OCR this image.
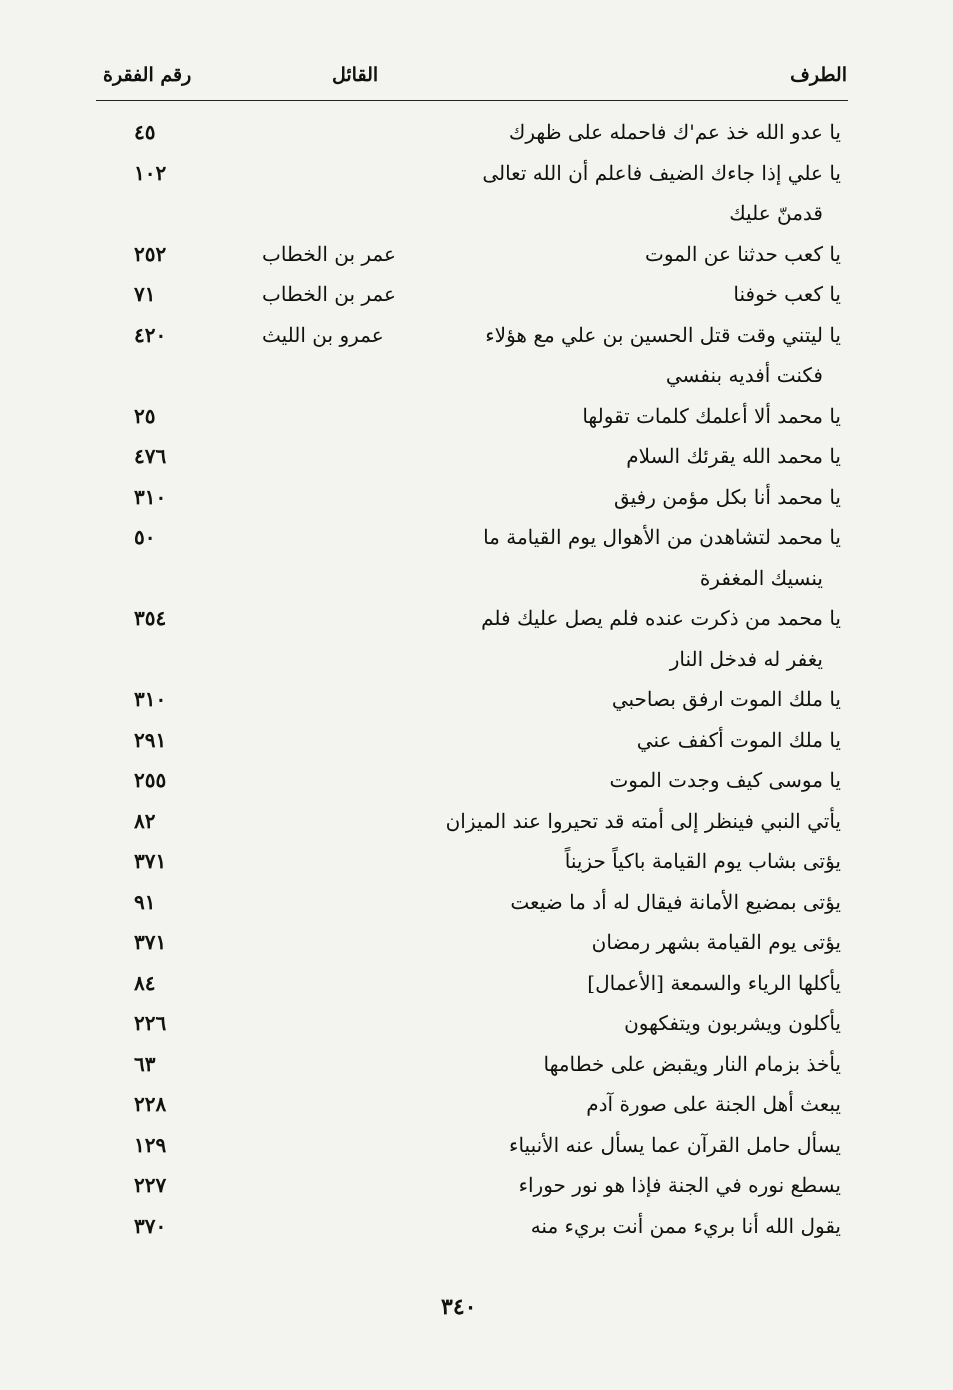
الطرف
القائل
رقم الفقرة
يا عدو الله خذ عم'ك فاحمله على ظهرك
٤٥
يا علي إذا جاءك الضيف فاعلم أن الله تعالى
١٠٢
قدمنّ عليك
يا كعب حدثنا عن الموت
عمر بن الخطاب
٢٥٢
يا كعب خوفنا
عمر بن الخطاب
٧١
يا ليتني وقت قتل الحسين بن علي مع هؤلاء
عمرو بن الليث
٤٢٠
فكنت أفديه بنفسي
يا محمد ألا أعلمك كلمات تقولها
٢٥
يا محمد الله يقرئك السلام
٤٧٦
يا محمد أنا بكل مؤمن رفيق
٣١٠
يا محمد لتشاهدن من الأهوال يوم القيامة ما
٥٠
ينسيك المغفرة
يا محمد من ذكرت عنده فلم يصل عليك فلم
٣٥٤
يغفر له فدخل النار
يا ملك الموت ارفق بصاحبي
٣١٠
يا ملك الموت أكفف عني
٢٩١
يا موسى كيف وجدت الموت
٢٥٥
يأتي النبي فينظر إلى أمته قد تحيروا عند الميزان
٨٢
يؤتى بشاب يوم القيامة باكياً حزيناً
٣٧١
يؤتى بمضيع الأمانة فيقال له أد ما ضيعت
٩١
يؤتى يوم القيامة بشهر رمضان
٣٧١
يأكلها الرياء والسمعة [الأعمال]
٨٤
يأكلون ويشربون ويتفكهون
٢٢٦
يأخذ بزمام النار ويقبض على خطامها
٦٣
يبعث أهل الجنة على صورة آدم
٢٢٨
يسأل حامل القرآن عما يسأل عنه الأنبياء
١٢٩
يسطع نوره في الجنة فإذا هو نور حوراء
٢٢٧
يقول الله أنا بريء ممن أنت بريء منه
٣٧٠
٣٤٠
